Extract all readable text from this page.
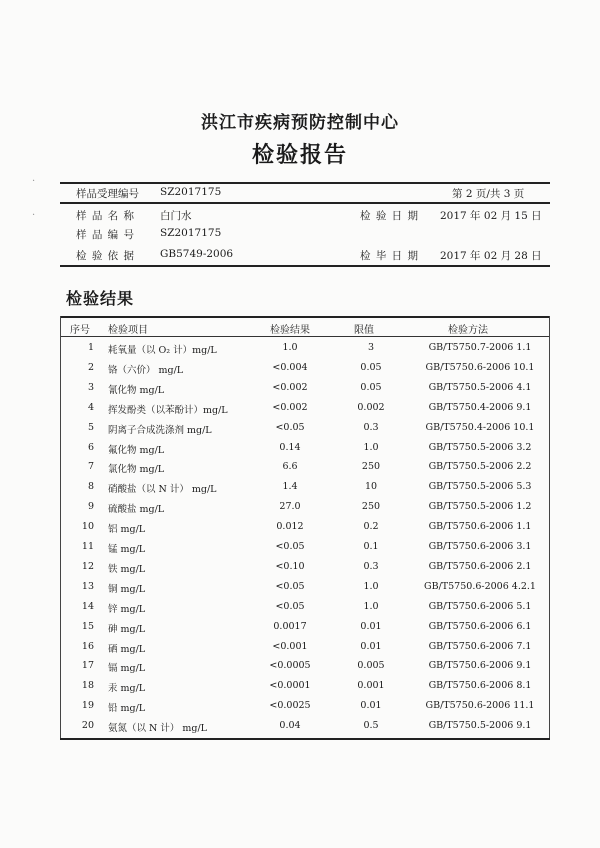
洪江市疾病预防控制中心
检验报告
样品受理编号 SZ2017175	第 2 页/共 3 页
样 品 名 称 白门水	检 验 日 期 2017 年 02 月 15 日
样 品 编 号 SZ2017175
检 验 依 据 GB5749-2006	检 毕 日 期 2017 年 02 月 28 日
检验结果
序号 检验项目	检验结果	限值	检验方法
1 耗氧量（以 O₂ 计）mg/L	1.0	3	GB/T5750.7-2006 1.1
2 铬（六价） mg/L	<0.004	0.05	GB/T5750.6-2006 10.1
3 氰化物 mg/L	<0.002	0.05	GB/T5750.5-2006 4.1
4 挥发酚类（以苯酚计）mg/L	<0.002	0.002	GB/T5750.4-2006 9.1
5 阴离子合成洗涤剂 mg/L	<0.05	0.3	GB/T5750.4-2006 10.1
6 氟化物 mg/L	0.14	1.0	GB/T5750.5-2006 3.2
7 氯化物 mg/L	6.6	250	GB/T5750.5-2006 2.2
8 硝酸盐（以 N 计） mg/L	1.4	10	GB/T5750.5-2006 5.3
9 硫酸盐 mg/L	27.0	250	GB/T5750.5-2006 1.2
10 铝 mg/L	0.012	0.2	GB/T5750.6-2006 1.1
11 锰 mg/L	<0.05	0.1	GB/T5750.6-2006 3.1
12 铁 mg/L	<0.10	0.3	GB/T5750.6-2006 2.1
13 铜 mg/L	<0.05	1.0	GB/T5750.6-2006 4.2.1
14 锌 mg/L	<0.05	1.0	GB/T5750.6-2006 5.1
15 砷 mg/L	0.0017	0.01	GB/T5750.6-2006 6.1
16 硒 mg/L	<0.001	0.01	GB/T5750.6-2006 7.1
17 镉 mg/L	<0.0005	0.005	GB/T5750.6-2006 9.1
18 汞 mg/L	<0.0001	0.001	GB/T5750.6-2006 8.1
19 铅 mg/L	<0.0025	0.01	GB/T5750.6-2006 11.1
20 氨氮（以 N 计） mg/L	0.04	0.5	GB/T5750.5-2006 9.1
·
·
